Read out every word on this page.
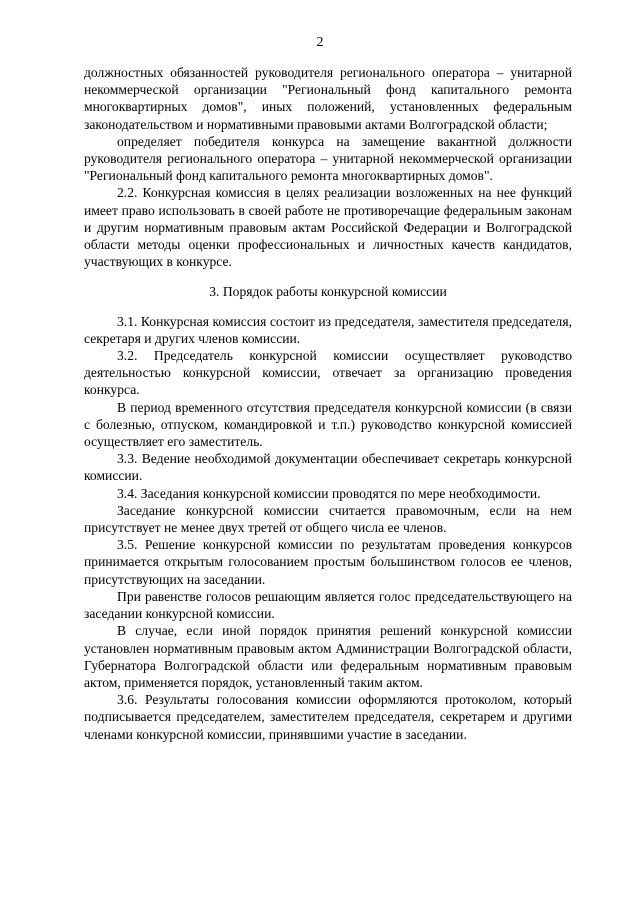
2

должностных обязанностей руководителя регионального оператора – унитарной некоммерческой организации "Региональный фонд капитального ремонта многоквартирных домов", иных положений, установленных федеральным законодательством и нормативными правовыми актами Волгоградской области;

определяет победителя конкурса на замещение вакантной должности руководителя регионального оператора – унитарной некоммерческой организации "Региональный фонд капитального ремонта многоквартирных домов".

2.2. Конкурсная комиссия в целях реализации возложенных на нее функций имеет право использовать в своей работе не противоречащие федеральным законам и другим нормативным правовым актам Российской Федерации и Волгоградской области методы оценки профессиональных и личностных качеств кандидатов, участвующих в конкурсе.

3. Порядок работы конкурсной комиссии

3.1. Конкурсная комиссия состоит из председателя, заместителя председателя, секретаря и других членов комиссии.

3.2. Председатель конкурсной комиссии осуществляет руководство деятельностью конкурсной комиссии, отвечает за организацию проведения конкурса.

В период временного отсутствия председателя конкурсной комиссии (в связи с болезнью, отпуском, командировкой и т.п.) руководство конкурсной комиссией осуществляет его заместитель.

3.3. Ведение необходимой документации обеспечивает секретарь конкурсной комиссии.

3.4. Заседания конкурсной комиссии проводятся по мере необходимости.

Заседание конкурсной комиссии считается правомочным, если на нем присутствует не менее двух третей от общего числа ее членов.

3.5. Решение конкурсной комиссии по результатам проведения конкурсов принимается открытым голосованием простым большинством голосов ее членов, присутствующих на заседании.

При равенстве голосов решающим является голос председательствующего на заседании конкурсной комиссии.

В случае, если иной порядок принятия решений конкурсной комиссии установлен нормативным правовым актом Администрации Волгоградской области, Губернатора Волгоградской области или федеральным нормативным правовым актом, применяется порядок, установленный таким актом.

3.6. Результаты голосования комиссии оформляются протоколом, который подписывается председателем, заместителем председателя, секретарем и другими членами конкурсной комиссии, принявшими участие в заседании.
